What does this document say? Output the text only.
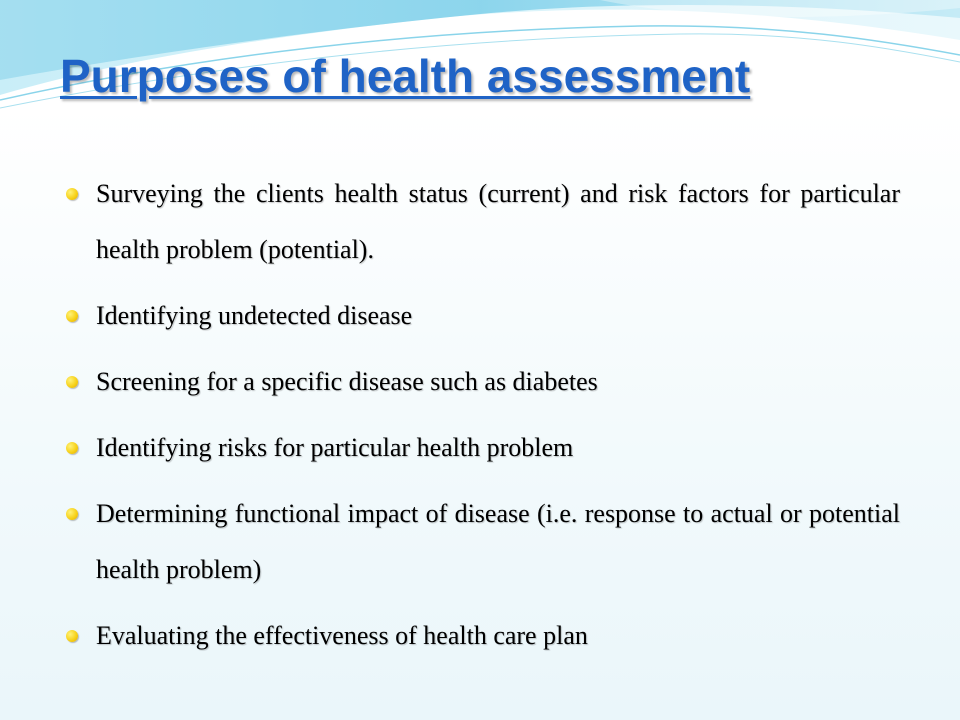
Purposes of health assessment
Surveying the clients health status (current) and risk factors for particular health problem (potential).
Identifying undetected disease
Screening for a specific disease such as diabetes
Identifying risks for particular health problem
Determining functional impact of disease (i.e. response to actual or potential health problem)
Evaluating the effectiveness of health care plan
